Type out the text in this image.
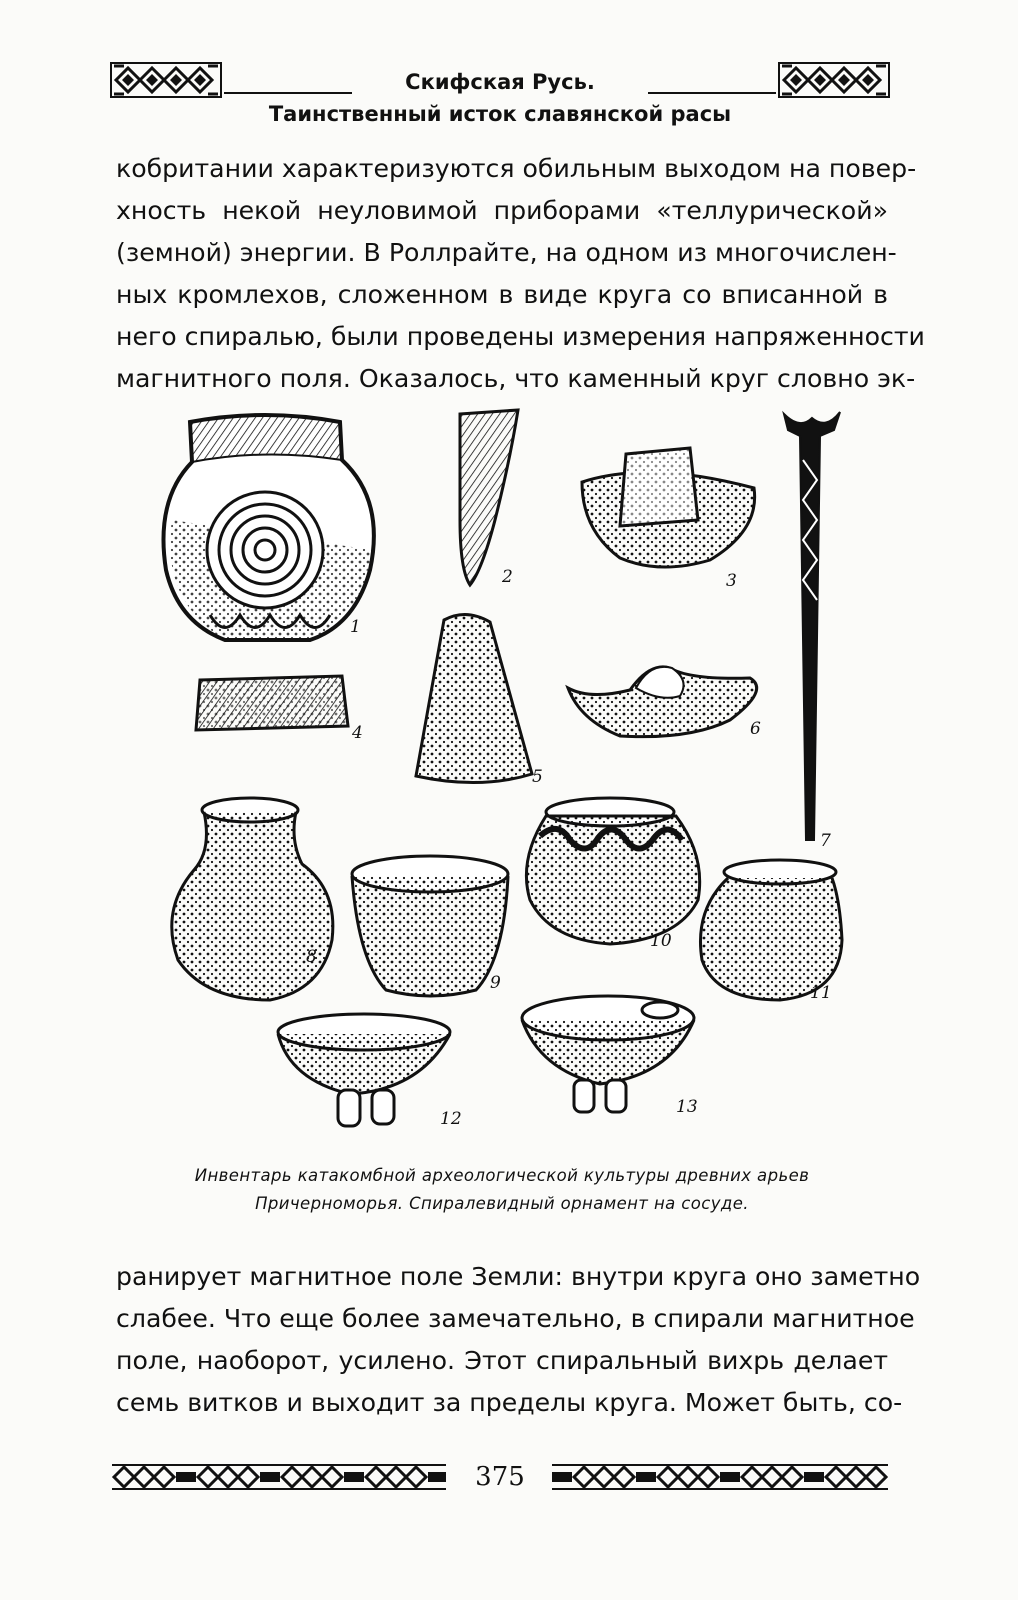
Скифская Русь.
Таинственный исток славянской расы
кобритании характеризуются обильным выходом на повер-
хность некой неуловимой приборами «теллурической»
(земной) энергии. В Роллрайте, на одном из многочислен-
ных кромлехов, сложенном в виде круга со вписанной в
него спиралью, были проведены измерения напряженности
магнитного поля. Оказалось, что каменный круг словно эк-
1
2	3
7
4
5
6
8
9
10
11
12
13
Инвентарь катакомбной археологической культуры древних арьев
Причерноморья. Спиралевидный орнамент на сосуде.
ранирует магнитное поле Земли: внутри круга оно заметно
слабее. Что еще более замечательно, в спирали магнитное
поле, наоборот, усилено. Этот спиральный вихрь делает
семь витков и выходит за пределы круга. Может быть, со-
375
